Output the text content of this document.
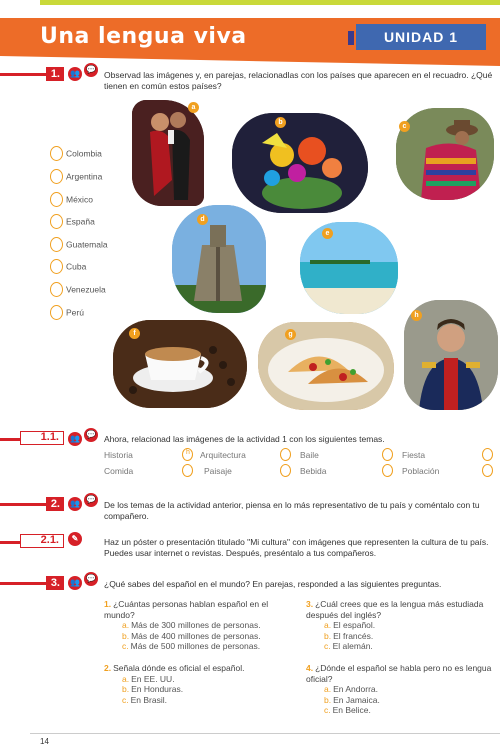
Una lengua viva	UNIDAD 1
1.	👥 💬
Observad las imágenes y, en parejas, relacionadlas con los países que aparecen en el recuadro. ¿Qué tienen en común estos países?
Colombia
Argentina
México
España
Guatemala
Cuba
Venezuela
Perú
a
b
c
d
e
f	g
h
1.1.	👥 💬 Ahora, relacionad las imágenes de la actividad 1 con los siguientes temas.
Historia	h Arquitectura	Baile	Fiesta
Comida	Paisaje	Bebida	Población
2.	👥 💬
De los temas de la actividad anterior, piensa en lo más representativo de tu país y coméntalo con tu compañero.
2.1.	✎	Haz un póster o presentación titulado "Mi cultura" con imágenes que representen la cultura de tu país. Puedes usar internet o revistas. Después, preséntalo a tus compañeros.
3.	👥 💬
¿Qué sabes del español en el mundo? En parejas, responded a las siguientes preguntas.
1. ¿Cuántas personas hablan español en el mundo?
a. Más de 300 millones de personas.
b. Más de 400 millones de personas.
c. Más de 500 millones de personas.
2. Señala dónde es oficial el español.
a. En EE. UU.
b. En Honduras.
c. En Brasil.
3. ¿Cuál crees que es la lengua más estudiada después del inglés?
a. El español.
b. El francés.
c. El alemán.
4. ¿Dónde el español se habla pero no es lengua oficial?
a. En Andorra.
b. En Jamaica.
c. En Belice.
14
